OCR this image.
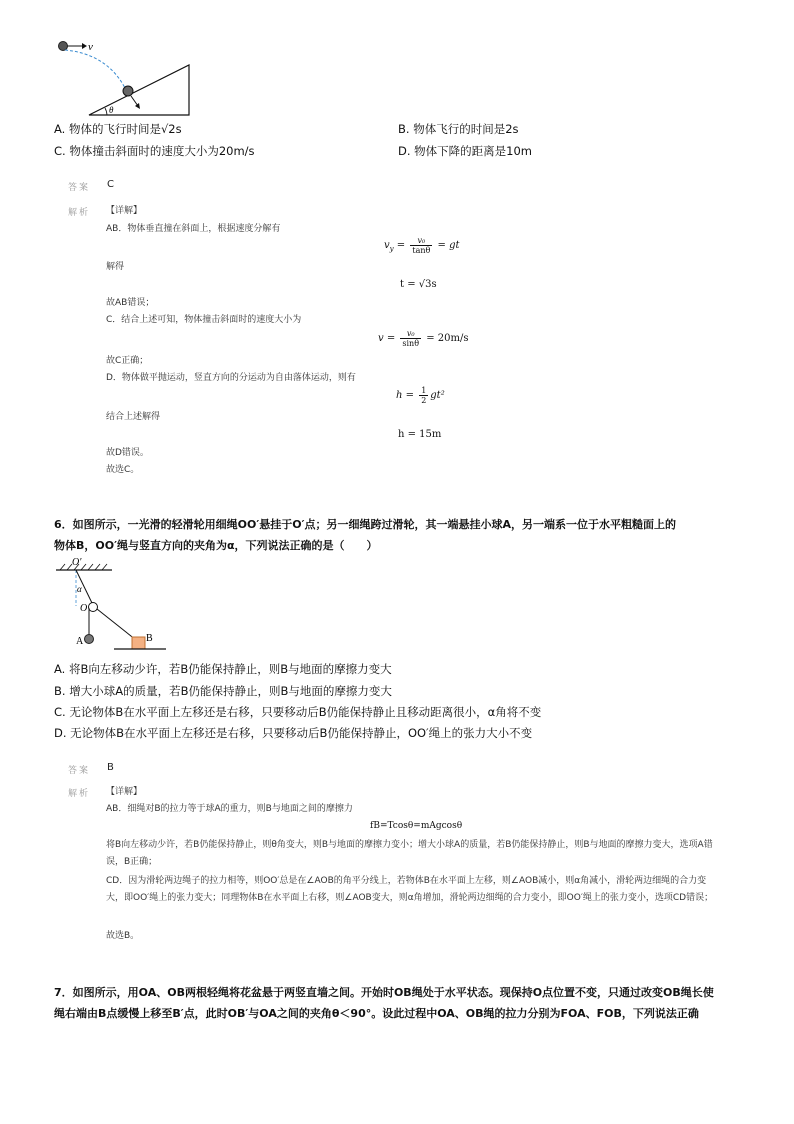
v
θ
A. 物体的飞行时间是√2s	B. 物体飞行的时间是2s
C. 物体撞击斜面时的速度大小为20m/s	D. 物体下降的距离是10m
答案 C
解析 【详解】
AB．物体垂直撞在斜面上，根据速度分解有
$v_y = \frac{\text{v₀}}{\tan\theta}$ = gt
解得
t = √3s
故AB错误；
C．结合上述可知，物体撞击斜面时的速度大小为
$v = \frac{\text{v₀}}{\sin\theta} = 20m/s$
故C正确；
D．物体做平抛运动，竖直方向的分运动为自由落体运动，则有
$h = \frac{1}{2} gt^2$
结合上述解得
h = 15m
故D错误。
故选C。
6．如图所示，一光滑的轻滑轮用细绳OO′悬挂于O′点；另一细绳跨过滑轮，其一端悬挂小球A，另一端系一位于水平粗糙面上的
物体B，OO′绳与竖直方向的夹角为α，下列说法正确的是（　　）
O′
α
O
A	B
A. 将B向左移动少许，若B仍能保持静止，则B与地面的摩擦力变大
B. 增大小球A的质量，若B仍能保持静止，则B与地面的摩擦力变大
C. 无论物体B在水平面上左移还是右移，只要移动后B仍能保持静止且移动距离很小，α角将不变
D. 无论物体B在水平面上左移还是右移，只要移动后B仍能保持静止，OO′绳上的张力大小不变
答案 B
解析 【详解】
AB．细绳对B的拉力等于球A的重力，则B与地面之间的摩擦力
fB=Tcosθ=mAgcosθ
将B向左移动少许，若B仍能保持静止，则θ角变大，则B与地面的摩擦力变小；增大小球A的质量，若B仍能保持静止，则B与地面的摩擦力变大，选项A错误，B正确；
CD．因为滑轮两边绳子的拉力相等，则OO′总是在∠AOB的角平分线上，若物体B在水平面上左移，则∠AOB减小，则α角减小，滑轮两边细绳的合力变大，即OO′绳上的张力变大；同理物体B在水平面上右移，则∠AOB变大，则α角增加，滑轮两边细绳的合力变小，即OO′绳上的张力变小，选项CD错误；
故选B。
7．如图所示，用OA、OB两根轻绳将花盆悬于两竖直墙之间。开始时OB绳处于水平状态。现保持O点位置不变，只通过改变OB绳长使
绳右端由B点缓慢上移至B′点，此时OB′与OA之间的夹角θ＜90°。设此过程中OA、OB绳的拉力分别为FOA、FOB，下列说法正确
